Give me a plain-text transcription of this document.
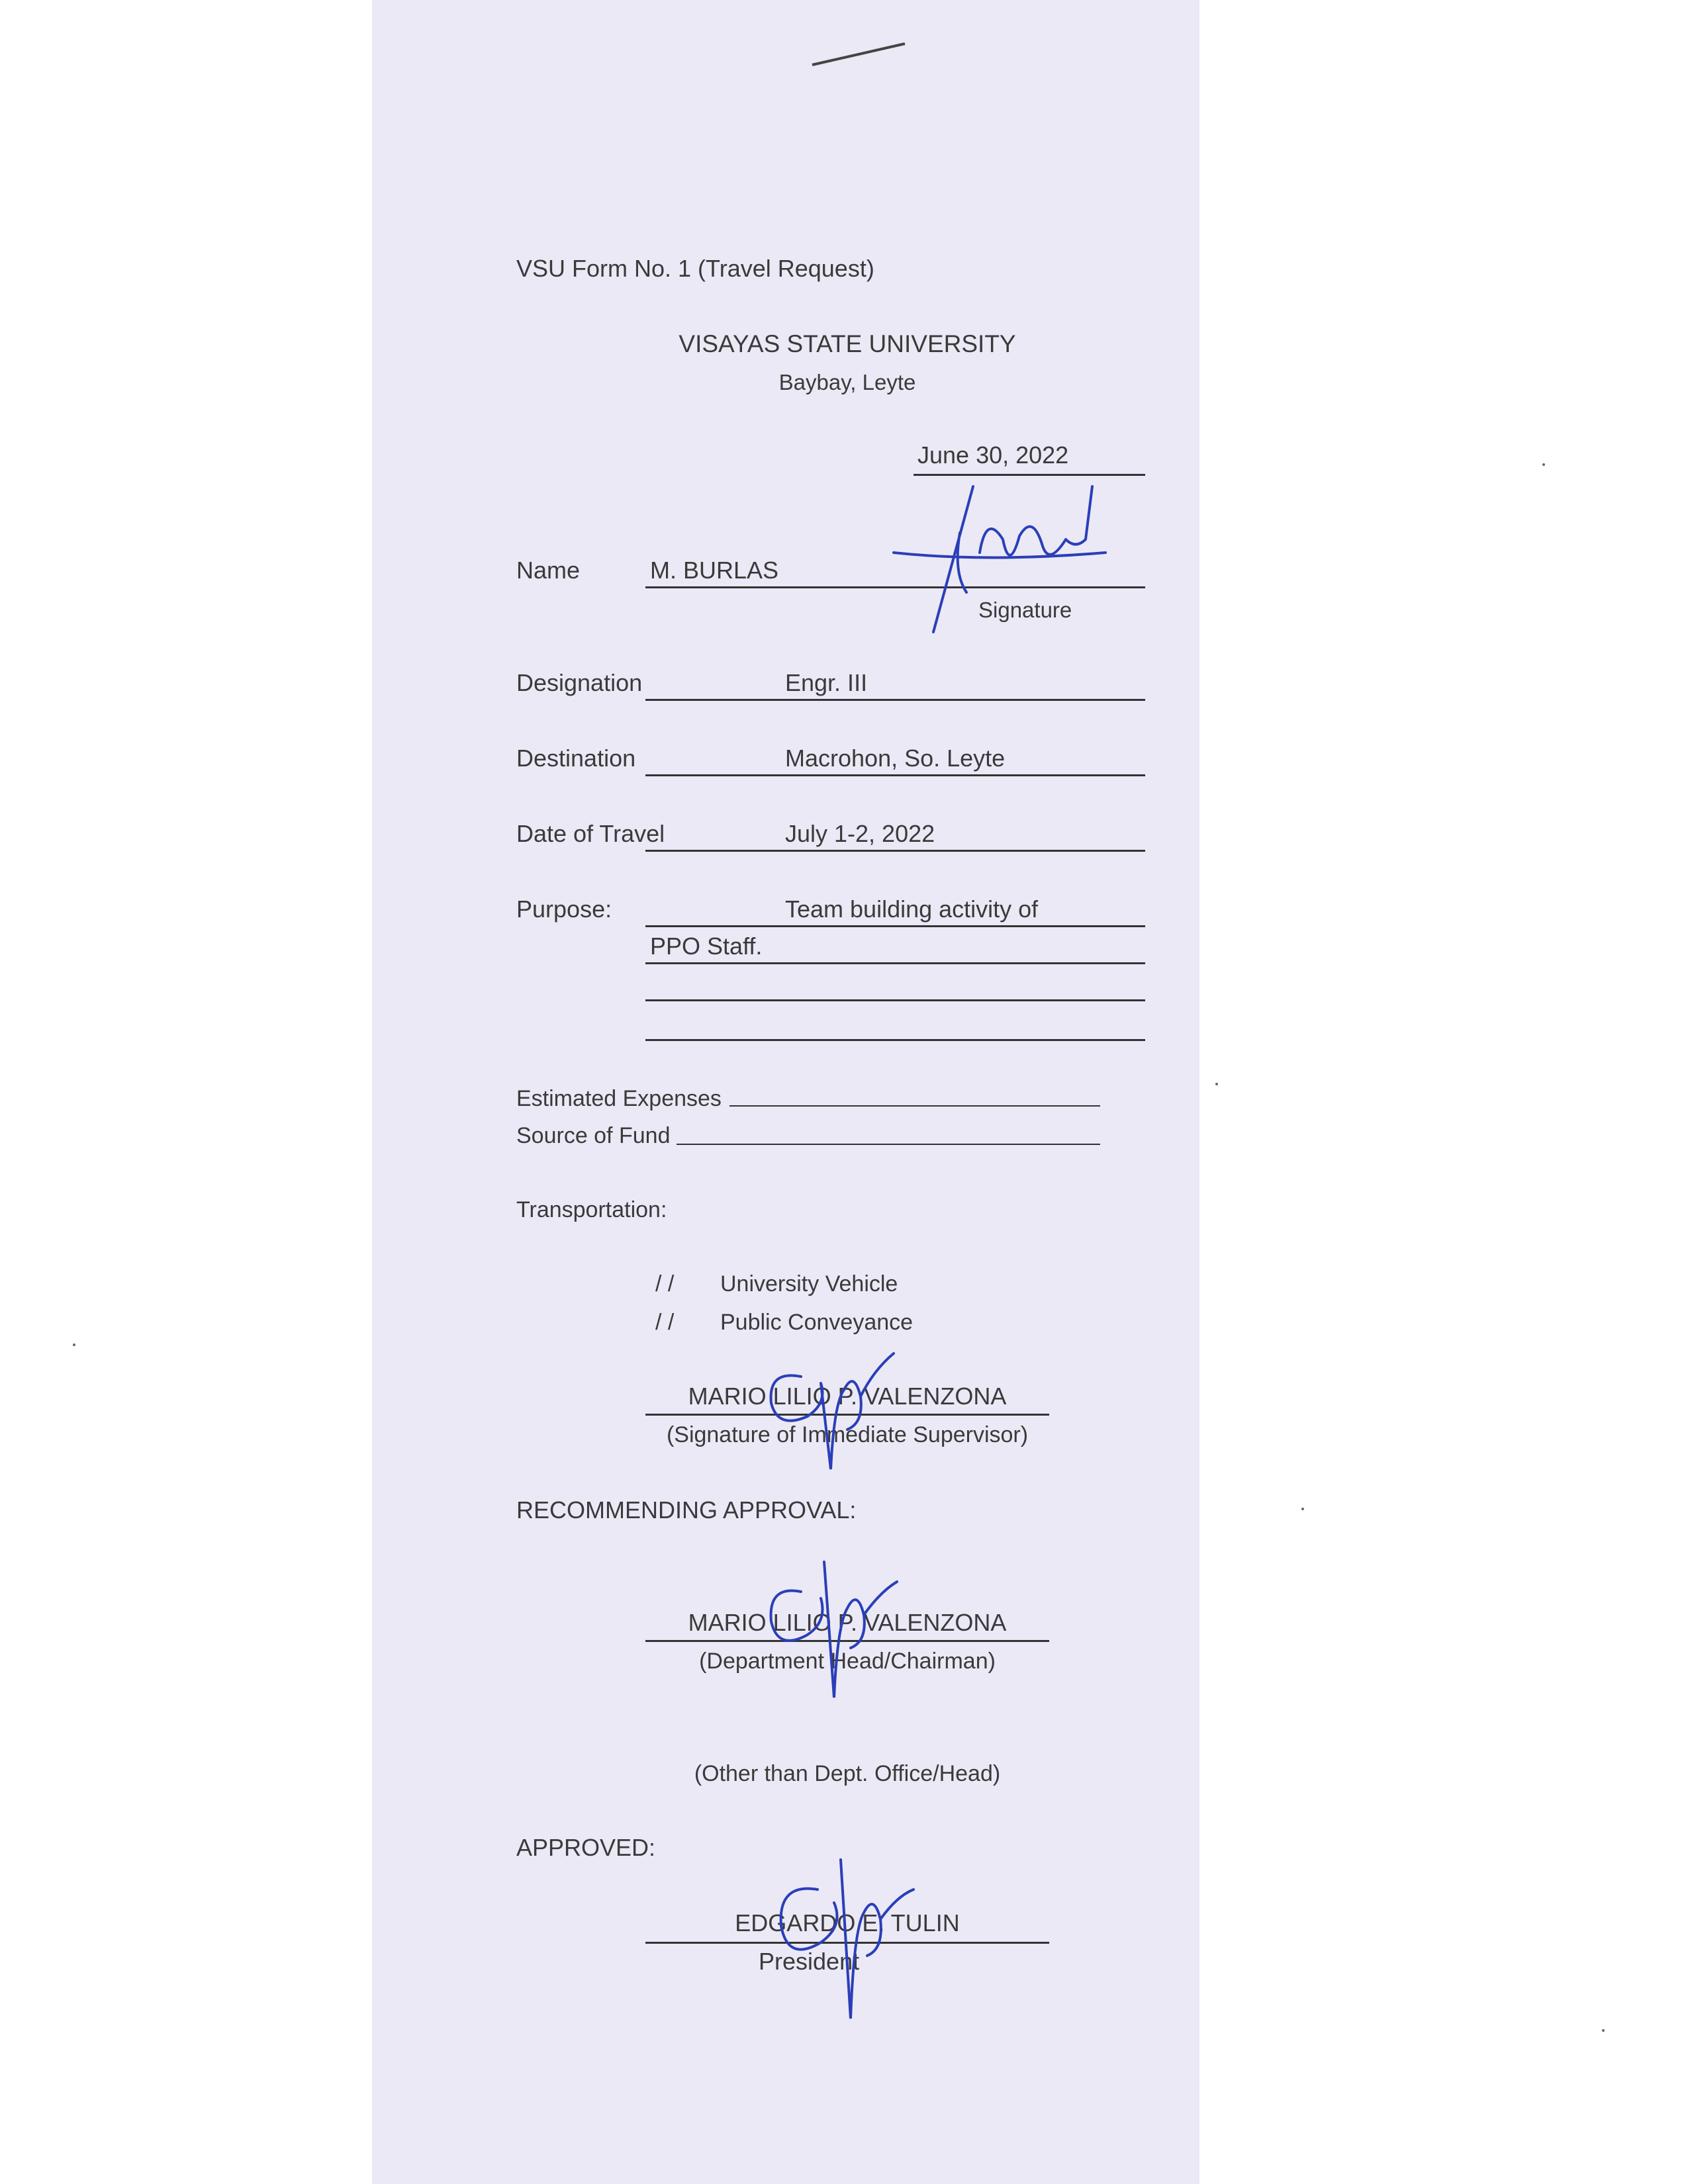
VSU Form No. 1 (Travel Request)
VISAYAS STATE UNIVERSITY
Baybay, Leyte
June 30, 2022
Name	M. BURLAS
Signature
Designation	Engr. III
Destination	Macrohon, So. Leyte
Date of Travel	July 1-2, 2022
Purpose:	Team building activity of
PPO Staff.
Estimated Expenses
Source of Fund
Transportation:
/ / University Vehicle
/ / Public Conveyance
MARIO LILIO P. VALENZONA
(Signature of Immediate Supervisor)
RECOMMENDING APPROVAL:
MARIO LILIO P. VALENZONA
(Department Head/Chairman)
(Other than Dept. Office/Head)
APPROVED:
EDGARDO E. TULIN
President
